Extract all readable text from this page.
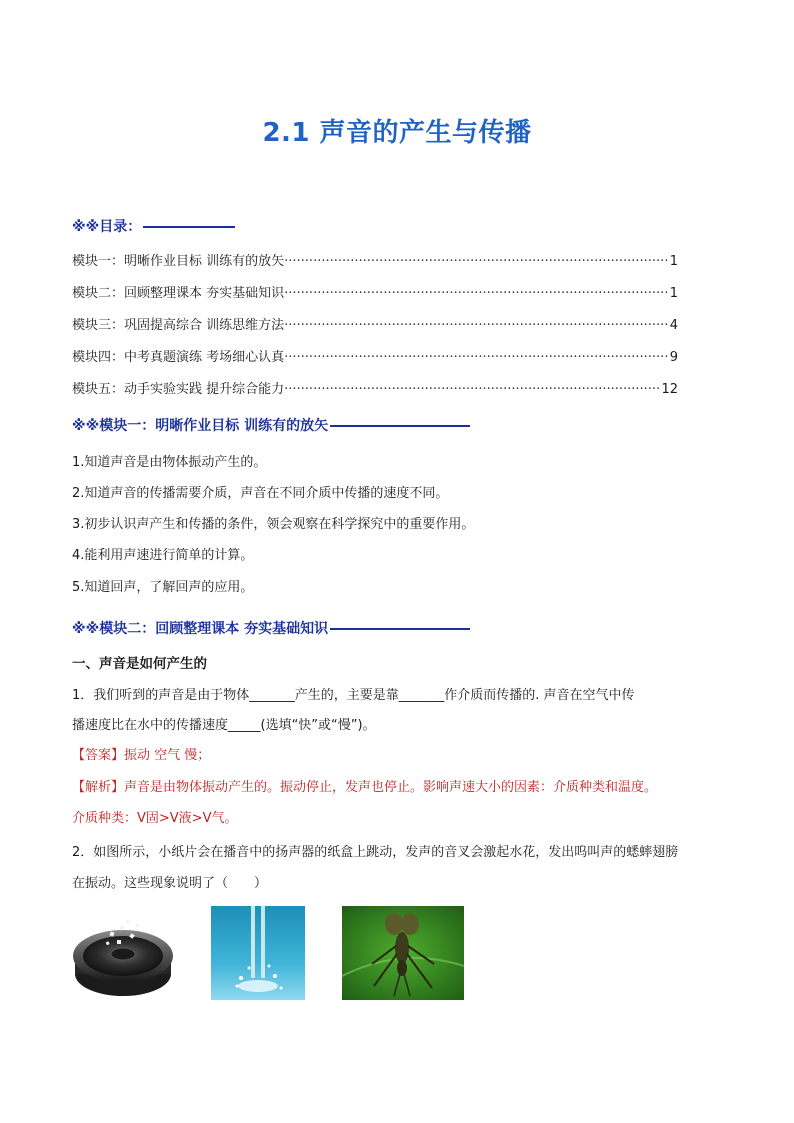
2.1 声音的产生与传播
※※目录：
模块一：明晰作业目标 训练有的放矢 ·····	1
模块二：回顾整理课本 夯实基础知识 ·····	1
模块三：巩固提高综合 训练思维方法 ·····	4
模块四：中考真题演练 考场细心认真 ·····	9
模块五：动手实验实践 提升综合能力 ·····	12
※※模块一：明晰作业目标 训练有的放矢
1.知道声音是由物体振动产生的。
2.知道声音的传播需要介质，声音在不同介质中传播的速度不同。
3.初步认识声产生和传播的条件，领会观察在科学探究中的重要作用。
4.能利用声速进行简单的计算。
5.知道回声，了解回声的应用。
※※模块二：回顾整理课本 夯实基础知识
一、声音是如何产生的
1．我们听到的声音是由于物体_______产生的，主要是靠_______作介质而传播的. 声音在空气中传
播速度比在水中的传播速度_____(选填“快”或“慢”)。
【答案】振动 空气 慢；
【解析】声音是由物体振动产生的。振动停止，发声也停止。影响声速大小的因素：介质种类和温度。
介质种类：V固>V液>V气。
2．如图所示，小纸片会在播音中的扬声器的纸盒上跳动，发声的音叉会激起水花，发出呜叫声的蟋蟀翅膀
在振动。这些现象说明了（　　）
